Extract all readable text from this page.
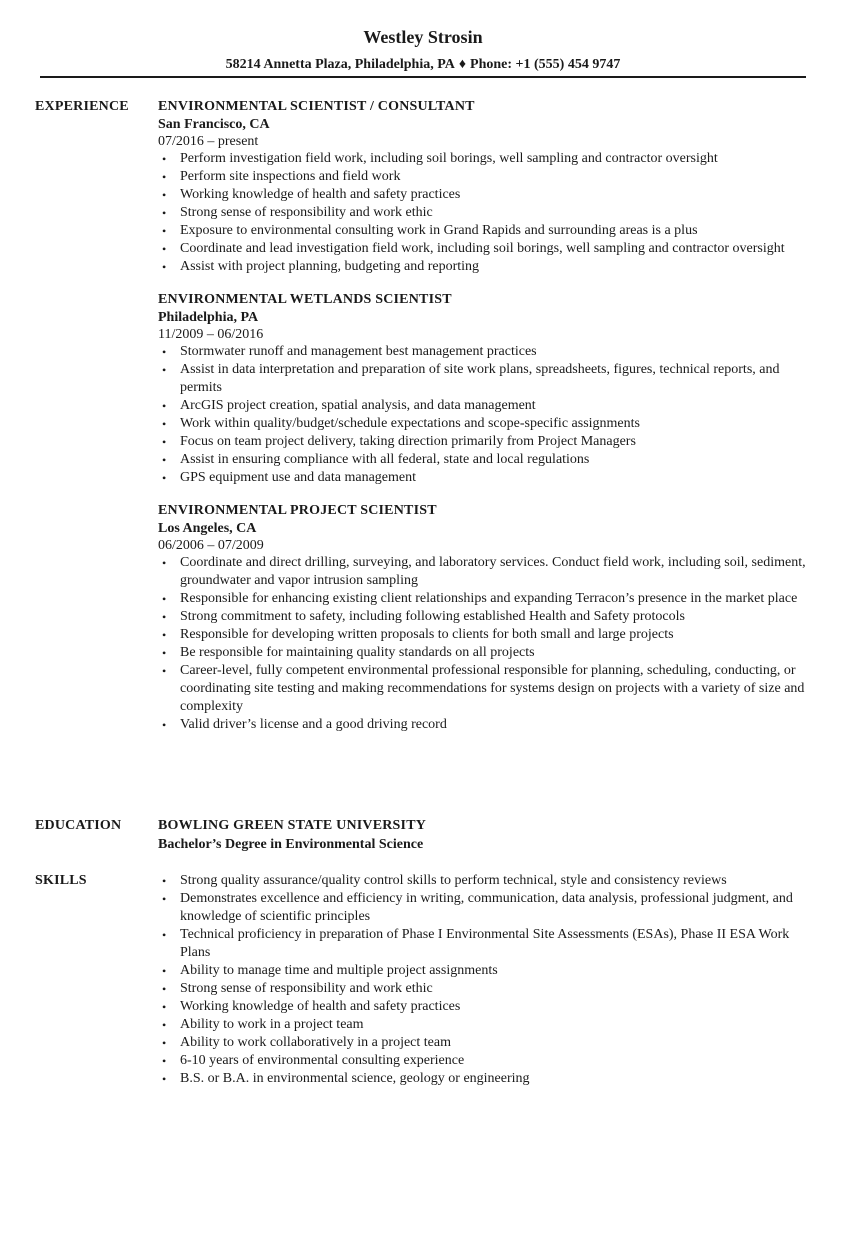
Westley Strosin
58214 Annetta Plaza, Philadelphia, PA ♦ Phone: +1 (555) 454 9747
EXPERIENCE ENVIRONMENTAL SCIENTIST / CONSULTANT
San Francisco, CA
07/2016 – present
• Perform investigation field work, including soil borings, well sampling and contractor oversight
• Perform site inspections and field work
• Working knowledge of health and safety practices
• Strong sense of responsibility and work ethic
• Exposure to environmental consulting work in Grand Rapids and surrounding areas is a plus
• Coordinate and lead investigation field work, including soil borings, well sampling and contractor oversight
• Assist with project planning, budgeting and reporting
ENVIRONMENTAL WETLANDS SCIENTIST
Philadelphia, PA
11/2009 – 06/2016
• Stormwater runoff and management best management practices
• Assist in data interpretation and preparation of site work plans, spreadsheets, figures, technical reports, and permits
• ArcGIS project creation, spatial analysis, and data management
• Work within quality/budget/schedule expectations and scope-specific assignments
• Focus on team project delivery, taking direction primarily from Project Managers
• Assist in ensuring compliance with all federal, state and local regulations
• GPS equipment use and data management
ENVIRONMENTAL PROJECT SCIENTIST
Los Angeles, CA
06/2006 – 07/2009
• Coordinate and direct drilling, surveying, and laboratory services. Conduct field work, including soil, sediment, groundwater and vapor intrusion sampling
• Responsible for enhancing existing client relationships and expanding Terracon’s presence in the market place
• Strong commitment to safety, including following established Health and Safety protocols
• Responsible for developing written proposals to clients for both small and large projects
• Be responsible for maintaining quality standards on all projects
• Career-level, fully competent environmental professional responsible for planning, scheduling, conducting, or coordinating site testing and making recommendations for systems design on projects with a variety of size and complexity
• Valid driver’s license and a good driving record
EDUCATION	BOWLING GREEN STATE UNIVERSITY
Bachelor’s Degree in Environmental Science
SKILLS	• Strong quality assurance/quality control skills to perform technical, style and consistency reviews
• Demonstrates excellence and efficiency in writing, communication, data analysis, professional judgment, and knowledge of scientific principles
• Technical proficiency in preparation of Phase I Environmental Site Assessments (ESAs), Phase II ESA Work Plans
• Ability to manage time and multiple project assignments
• Strong sense of responsibility and work ethic
• Working knowledge of health and safety practices
• Ability to work in a project team
• Ability to work collaboratively in a project team
• 6-10 years of environmental consulting experience
• B.S. or B.A. in environmental science, geology or engineering
